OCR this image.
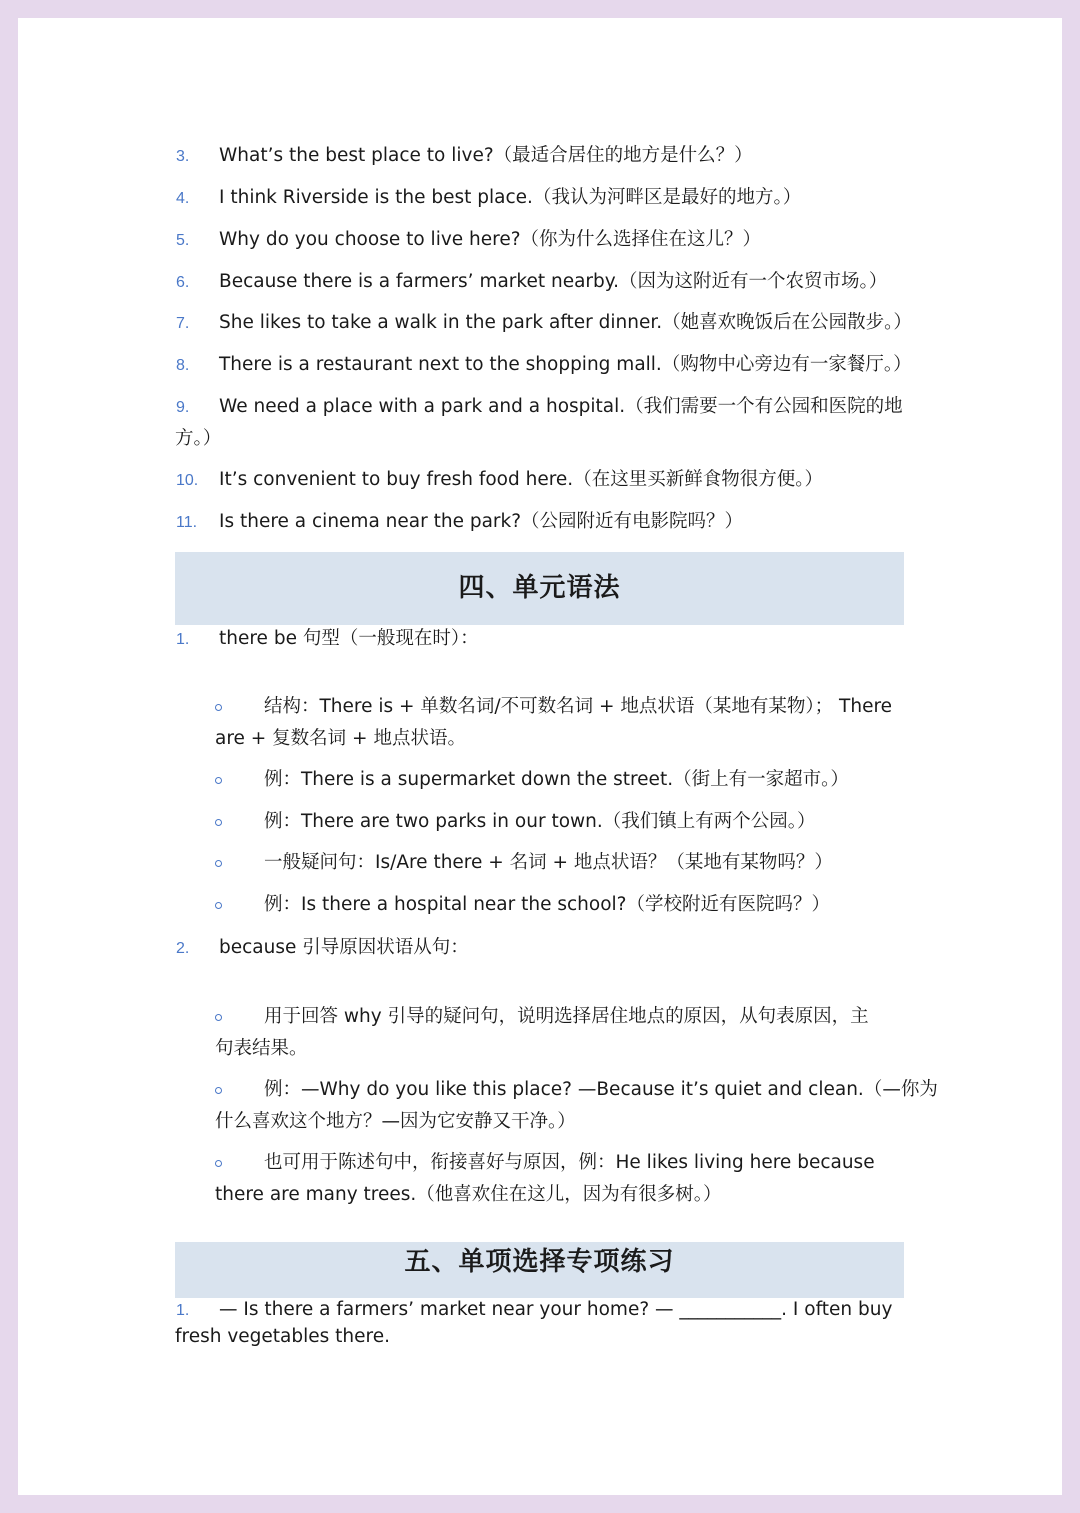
3. What’s the best place to live?（最适合居住的地方是什么？）
4. I think Riverside is the best place.（我认为河畔区是最好的地方。）
5. Why do you choose to live here?（你为什么选择住在这儿？）
6. Because there is a farmers’ market nearby.（因为这附近有一个农贸市场。）
7. She likes to take a walk in the park after dinner.（她喜欢晚饭后在公园散步。）
8. There is a restaurant next to the shopping mall.（购物中心旁边有一家餐厅。）
9. We need a place with a park and a hospital.（我们需要一个有公园和医院的地
方。）
10. It’s convenient to buy fresh food here.（在这里买新鲜食物很方便。）
11. Is there a cinema near the park?（公园附近有电影院吗？）
四、单元语法
1. there be 句型（一般现在时）：
结构：There is + 单数名词/不可数名词 + 地点状语（某地有某物）； There
are + 复数名词 + 地点状语。
例：There is a supermarket down the street.（街上有一家超市。）
例：There are two parks in our town.（我们镇上有两个公园。）
一般疑问句：Is/Are there + 名词 + 地点状语？（某地有某物吗？）
例：Is there a hospital near the school?（学校附近有医院吗？）
2. because 引导原因状语从句：
用于回答 why 引导的疑问句，说明选择居住地点的原因，从句表原因，主
句表结果。
例：—Why do you like this place? —Because it’s quiet and clean.（—你为
什么喜欢这个地方？—因为它安静又干净。）
也可用于陈述句中，衔接喜好与原因，例：He likes living here because
there are many trees.（他喜欢住在这儿，因为有很多树。）
五、单项选择专项练习
1. — Is there a farmers’ market near your home? — ___________. I often buy
fresh vegetables there.
